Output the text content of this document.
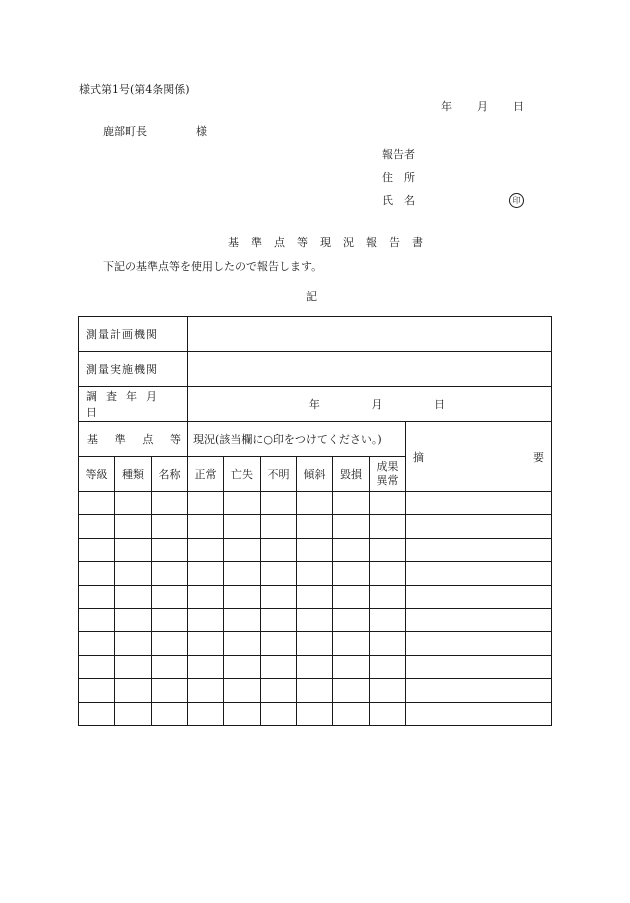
様式第1号(第4条関係)
年 月 日
鹿部町長	様
報告者
住　所
氏　名	印
基準点等現況報告書
下記の基準点等を使用したので報告します。
記
測量計画機関									
測量実施機関									

調査年月日			年 月 日						

基 準 点 等			現況(該当欄に○印をつけてください。)						摘 要

等級	種類	名称	正常	亡失	不明	傾斜	毀損	成果
異常	
